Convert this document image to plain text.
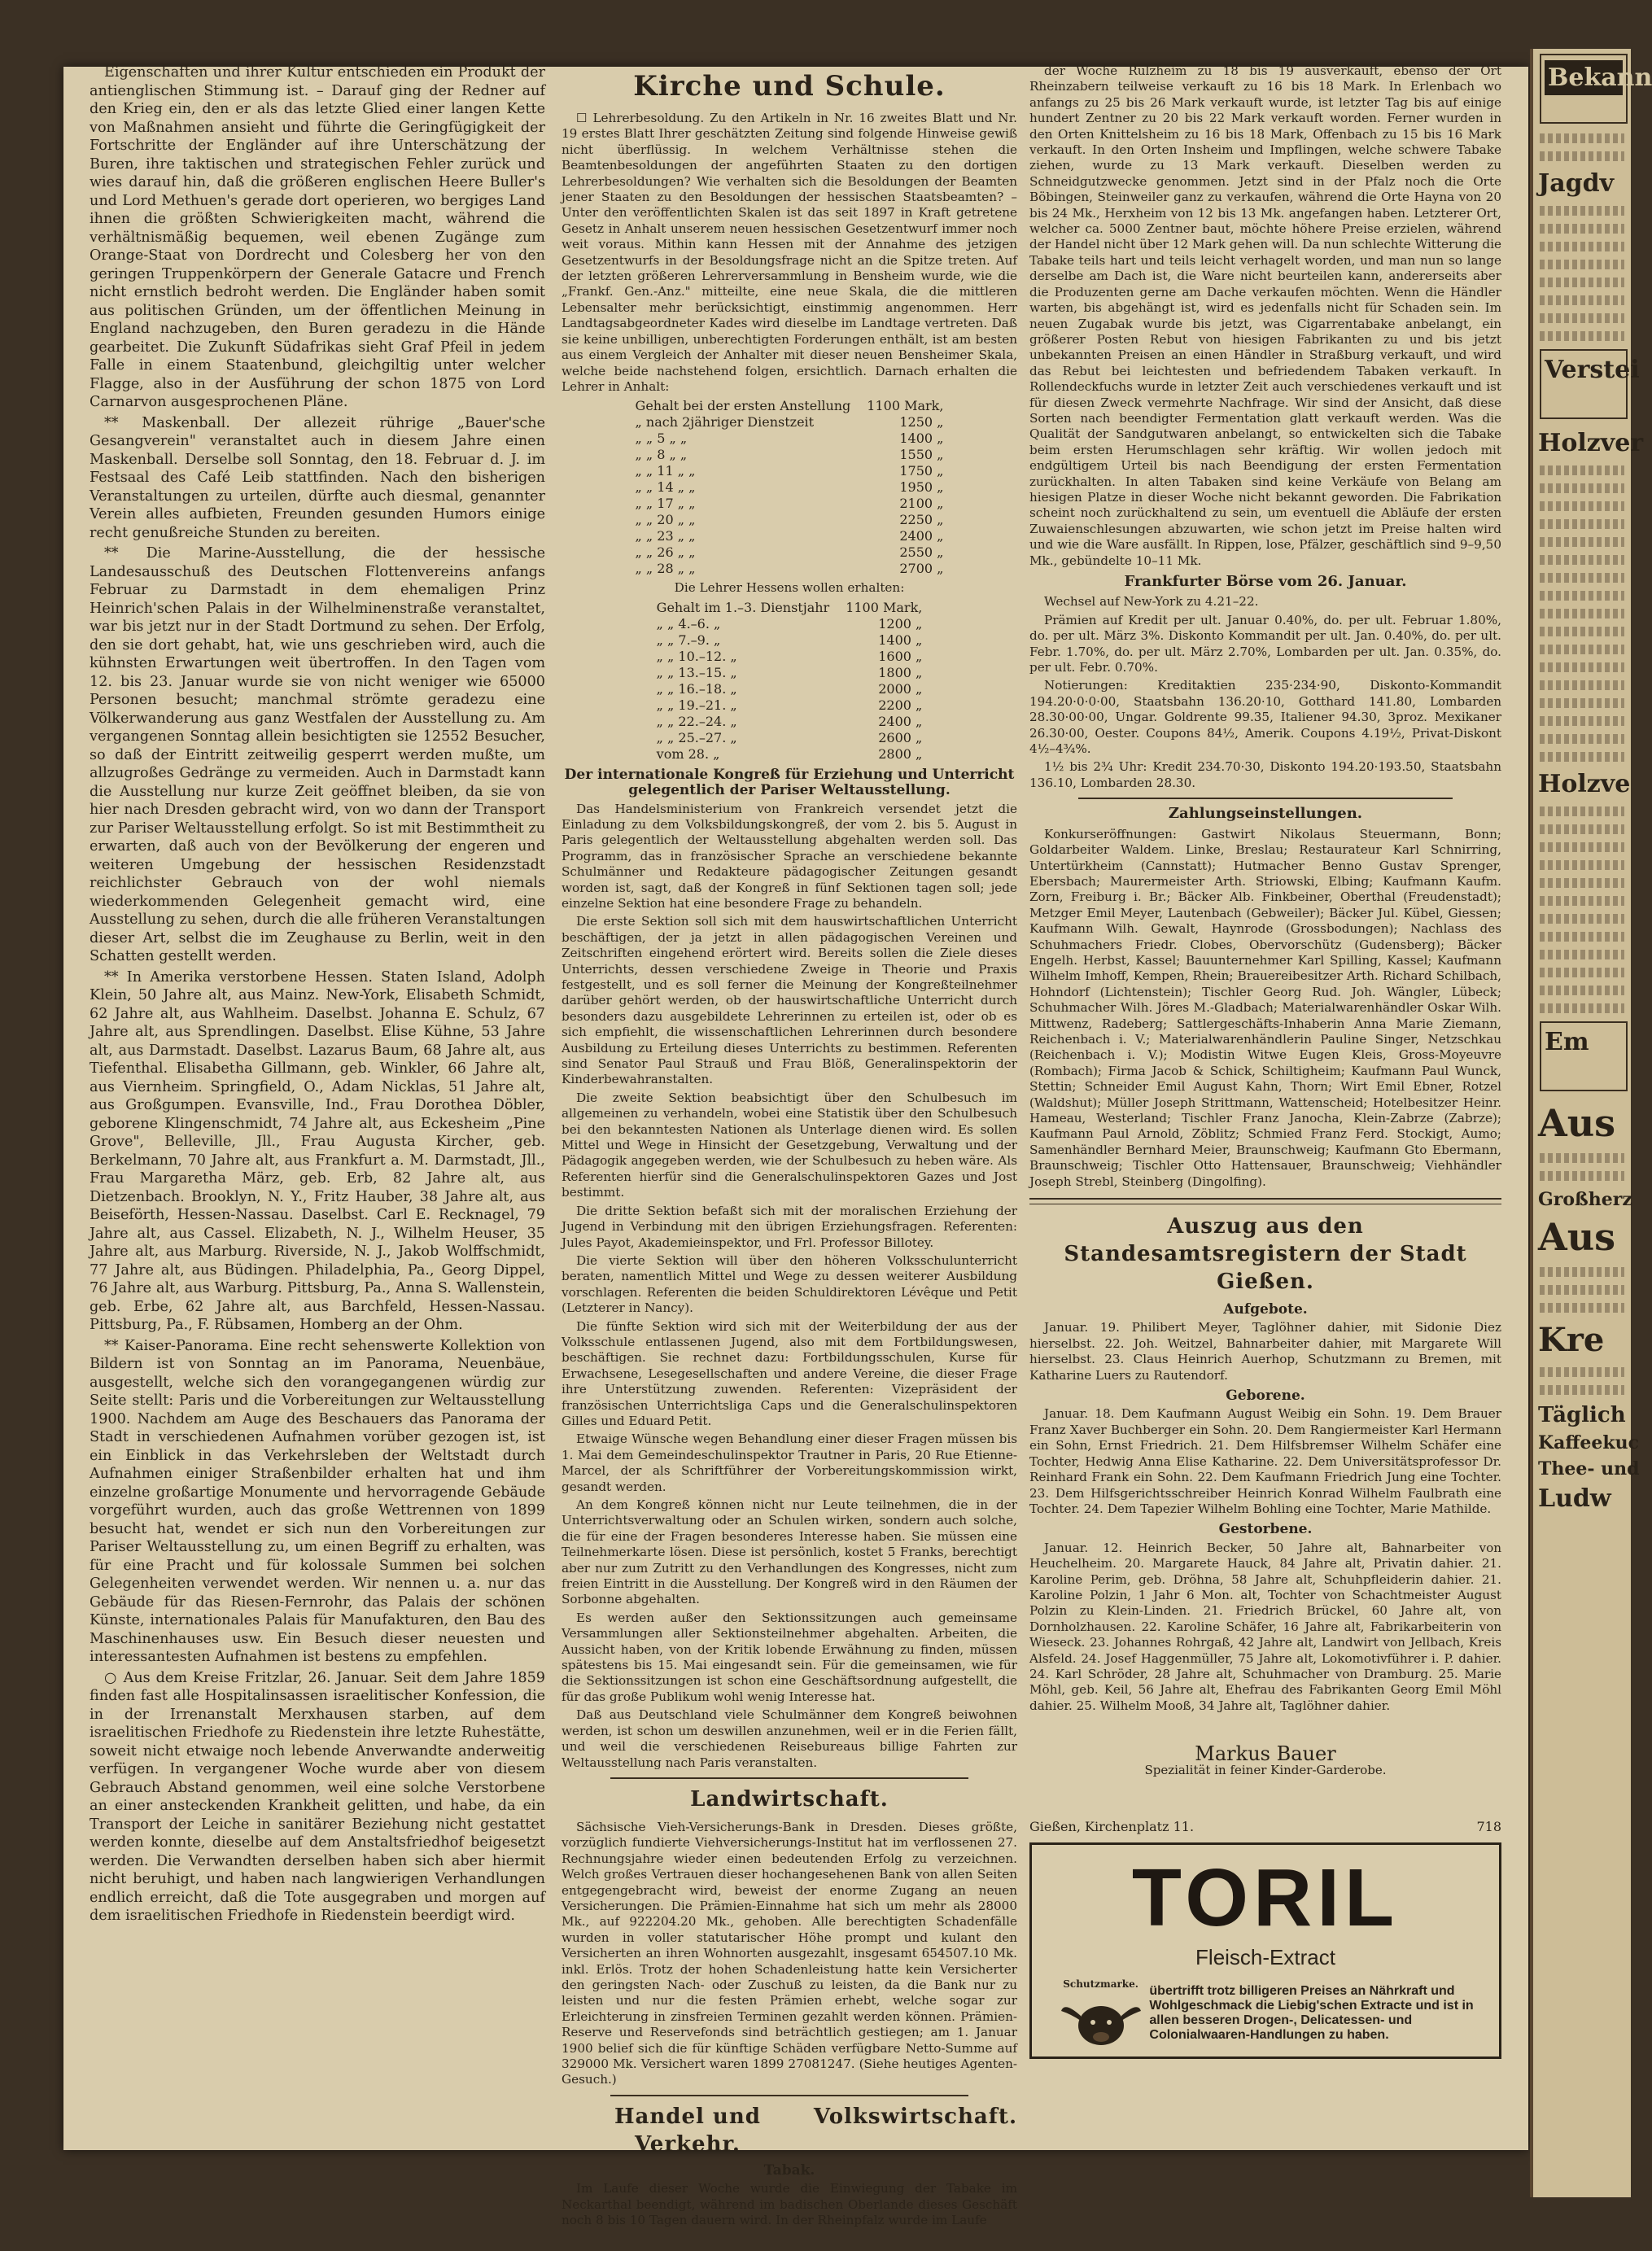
Bekann
Jagdv
Verstei
Holzver
Holzve
Em
Aus
Großherz
Aus
Kre
Täglich
Kaffeekuc
Thee- und
Ludw

Eigenschaften und ihrer Kultur entschieden ein Produkt der antienglischen Stimmung ist. – Darauf ging der Redner auf den Krieg ein, den er als das letzte Glied einer langen Kette von Maßnahmen ansieht und führte die Geringfügigkeit der Fortschritte der Engländer auf ihre Unterschätzung der Buren, ihre taktischen und strategischen Fehler zurück und wies darauf hin, daß die größeren englischen Heere Buller's und Lord Methuen's gerade dort operieren, wo bergiges Land ihnen die größten Schwierigkeiten macht, während die verhältnismäßig bequemen, weil ebenen Zugänge zum Orange-Staat von Dordrecht und Colesberg her von den geringen Truppenkörpern der Generale Gatacre und French nicht ernstlich bedroht werden. Die Engländer haben somit aus politischen Gründen, um der öffentlichen Meinung in England nachzugeben, den Buren geradezu in die Hände gearbeitet. Die Zukunft Südafrikas sieht Graf Pfeil in jedem Falle in einem Staatenbund, gleichgiltig unter welcher Flagge, also in der Ausführung der schon 1875 von Lord Carnarvon ausgesprochenen Pläne.

** Maskenball. Der allezeit rührige „Bauer'sche Gesangverein" veranstaltet auch in diesem Jahre einen Maskenball. Derselbe soll Sonntag, den 18. Februar d. J. im Festsaal des Café Leib stattfinden. Nach den bisherigen Veranstaltungen zu urteilen, dürfte auch diesmal, genannter Verein alles aufbieten, Freunden gesunden Humors einige recht genußreiche Stunden zu bereiten.

** Die Marine-Ausstellung, die der hessische Landesausschuß des Deutschen Flottenvereins anfangs Februar zu Darmstadt in dem ehemaligen Prinz Heinrich'schen Palais in der Wilhelminenstraße veranstaltet, war bis jetzt nur in der Stadt Dortmund zu sehen. Der Erfolg, den sie dort gehabt, hat, wie uns geschrieben wird, auch die kühnsten Erwartungen weit übertroffen. In den Tagen vom 12. bis 23. Januar wurde sie von nicht weniger wie 65000 Personen besucht; manchmal strömte geradezu eine Völkerwanderung aus ganz Westfalen der Ausstellung zu. Am vergangenen Sonntag allein besichtigten sie 12552 Besucher, so daß der Eintritt zeitweilig gesperrt werden mußte, um allzugroßes Gedränge zu vermeiden. Auch in Darmstadt kann die Ausstellung nur kurze Zeit geöffnet bleiben, da sie von hier nach Dresden gebracht wird, von wo dann der Transport zur Pariser Weltausstellung erfolgt. So ist mit Bestimmtheit zu erwarten, daß auch von der Bevölkerung der engeren und weiteren Umgebung der hessischen Residenzstadt reichlichster Gebrauch von der wohl niemals wiederkommenden Gelegenheit gemacht wird, eine Ausstellung zu sehen, durch die alle früheren Veranstaltungen dieser Art, selbst die im Zeughause zu Berlin, weit in den Schatten gestellt werden.

** In Amerika verstorbene Hessen. Staten Island, Adolph Klein, 50 Jahre alt, aus Mainz. New-York, Elisabeth Schmidt, 62 Jahre alt, aus Wahlheim. Daselbst. Johanna E. Schulz, 67 Jahre alt, aus Sprendlingen. Daselbst. Elise Kühne, 53 Jahre alt, aus Darmstadt. Daselbst. Lazarus Baum, 68 Jahre alt, aus Tiefenthal. Elisabetha Gillmann, geb. Winkler, 66 Jahre alt, aus Viernheim. Springfield, O., Adam Nicklas, 51 Jahre alt, aus Großgumpen. Evansville, Ind., Frau Dorothea Döbler, geborene Klingenschmidt, 74 Jahre alt, aus Eckesheim „Pine Grove", Belleville, Jll., Frau Augusta Kircher, geb. Berkelmann, 70 Jahre alt, aus Frankfurt a. M. Darmstadt, Jll., Frau Margaretha März, geb. Erb, 82 Jahre alt, aus Dietzenbach. Brooklyn, N. Y., Fritz Hauber, 38 Jahre alt, aus Beiseförth, Hessen-Nassau. Daselbst. Carl E. Recknagel, 79 Jahre alt, aus Cassel. Elizabeth, N. J., Wilhelm Heuser, 35 Jahre alt, aus Marburg. Riverside, N. J., Jakob Wolffschmidt, 77 Jahre alt, aus Büdingen. Philadelphia, Pa., Georg Dippel, 76 Jahre alt, aus Warburg. Pittsburg, Pa., Anna S. Wallenstein, geb. Erbe, 62 Jahre alt, aus Barchfeld, Hessen-Nassau. Pittsburg, Pa., F. Rübsamen, Homberg an der Ohm.

** Kaiser-Panorama. Eine recht sehenswerte Kollektion von Bildern ist von Sonntag an im Panorama, Neuenbäue, ausgestellt, welche sich den vorangegangenen würdig zur Seite stellt: Paris und die Vorbereitungen zur Weltausstellung 1900. Nachdem am Auge des Beschauers das Panorama der Stadt in verschiedenen Aufnahmen vorüber gezogen ist, ist ein Einblick in das Verkehrsleben der Weltstadt durch Aufnahmen einiger Straßenbilder erhalten hat und ihm einzelne großartige Monumente und hervorragende Gebäude vorgeführt wurden, auch das große Wettrennen von 1899 besucht hat, wendet er sich nun den Vorbereitungen zur Pariser Weltausstellung zu, um einen Begriff zu erhalten, was für eine Pracht und für kolossale Summen bei solchen Gelegenheiten verwendet werden. Wir nennen u. a. nur das Gebäude für das Riesen-Fernrohr, das Palais der schönen Künste, internationales Palais für Manufakturen, den Bau des Maschinenhauses usw. Ein Besuch dieser neuesten und interessantesten Aufnahmen ist bestens zu empfehlen.

○ Aus dem Kreise Fritzlar, 26. Januar. Seit dem Jahre 1859 finden fast alle Hospitalinsassen israelitischer Konfession, die in der Irrenanstalt Merxhausen starben, auf dem israelitischen Friedhofe zu Riedenstein ihre letzte Ruhestätte, soweit nicht etwaige noch lebende Anverwandte anderweitig verfügen. In vergangener Woche wurde aber von diesem Gebrauch Abstand genommen, weil eine solche Verstorbene an einer ansteckenden Krankheit gelitten, und habe, da ein Transport der Leiche in sanitärer Beziehung nicht gestattet werden konnte, dieselbe auf dem Anstaltsfriedhof beigesetzt werden. Die Verwandten derselben haben sich aber hiermit nicht beruhigt, und haben nach langwierigen Verhandlungen endlich erreicht, daß die Tote ausgegraben und morgen auf dem israelitischen Friedhofe in Riedenstein beerdigt wird.

Kirche und Schule.

☐ Lehrerbesoldung. Zu den Artikeln in Nr. 16 zweites Blatt und Nr. 19 erstes Blatt Ihrer geschätzten Zeitung sind folgende Hinweise gewiß nicht überflüssig. In welchem Verhältnisse stehen die Beamtenbesoldungen der angeführten Staaten zu den dortigen Lehrerbesoldungen? Wie verhalten sich die Besoldungen der Beamten jener Staaten zu den Besoldungen der hessischen Staatsbeamten? – Unter den veröffentlichten Skalen ist das seit 1897 in Kraft getretene Gesetz in Anhalt unserem neuen hessischen Gesetzentwurf immer noch weit voraus. Mithin kann Hessen mit der Annahme des jetzigen Gesetzentwurfs in der Besoldungsfrage nicht an die Spitze treten. Auf der letzten größeren Lehrerversammlung in Bensheim wurde, wie die „Frankf. Gen.-Anz." mitteilte, eine neue Skala, die die mittleren Lebensalter mehr berücksichtigt, einstimmig angenommen. Herr Landtagsabgeordneter Kades wird dieselbe im Landtage vertreten. Daß sie keine unbilligen, unberechtigten Forderungen enthält, ist am besten aus einem Vergleich der Anhalter mit dieser neuen Bensheimer Skala, welche beide nachstehend folgen, ersichtlich. Darnach erhalten die Lehrer in Anhalt:

Gehalt bei der ersten Anstellung	1100 Mark,
„ nach 2jähriger Dienstzeit	1250 „
„ „ 5 „ „	1400 „
„ „ 8 „ „	1550 „
„ „ 11 „ „	1750 „
„ „ 14 „ „	1950 „
„ „ 17 „ „	2100 „
„ „ 20 „ „	2250 „
„ „ 23 „ „	2400 „
„ „ 26 „ „	2550 „
„ „ 28 „ „	2700 „
Die Lehrer Hessens wollen erhalten:
Gehalt im 1.–3. Dienstjahr	1100 Mark,
„ „ 4.–6. „	1200 „
„ „ 7.–9. „	1400 „
„ „ 10.–12. „	1600 „
„ „ 13.–15. „	1800 „
„ „ 16.–18. „	2000 „
„ „ 19.–21. „	2200 „
„ „ 22.–24. „	2400 „
„ „ 25.–27. „	2600 „
vom 28. „	2800 „
Der internationale Kongreß für Erziehung und Unterricht gelegentlich der Pariser Weltausstellung.

Das Handelsministerium von Frankreich versendet jetzt die Einladung zu dem Volksbildungskongreß, der vom 2. bis 5. August in Paris gelegentlich der Weltausstellung abgehalten werden soll. Das Programm, das in französischer Sprache an verschiedene bekannte Schulmänner und Redakteure pädagogischer Zeitungen gesandt worden ist, sagt, daß der Kongreß in fünf Sektionen tagen soll; jede einzelne Sektion hat eine besondere Frage zu behandeln.

Die erste Sektion soll sich mit dem hauswirtschaftlichen Unterricht beschäftigen, der ja jetzt in allen pädagogischen Vereinen und Zeitschriften eingehend erörtert wird. Bereits sollen die Ziele dieses Unterrichts, dessen verschiedene Zweige in Theorie und Praxis festgestellt, und es soll ferner die Meinung der Kongreßteilnehmer darüber gehört werden, ob der hauswirtschaftliche Unterricht durch besonders dazu ausgebildete Lehrerinnen zu erteilen ist, oder ob es sich empfiehlt, die wissenschaftlichen Lehrerinnen durch besondere Ausbildung zu Erteilung dieses Unterrichts zu bestimmen. Referenten sind Senator Paul Strauß und Frau Blöß, Generalinspektorin der Kinderbewahranstalten.

Die zweite Sektion beabsichtigt über den Schulbesuch im allgemeinen zu verhandeln, wobei eine Statistik über den Schulbesuch bei den bekanntesten Nationen als Unterlage dienen wird. Es sollen Mittel und Wege in Hinsicht der Gesetzgebung, Verwaltung und der Pädagogik angegeben werden, wie der Schulbesuch zu heben wäre. Als Referenten hierfür sind die Generalschulinspektoren Gazes und Jost bestimmt.

Die dritte Sektion befaßt sich mit der moralischen Erziehung der Jugend in Verbindung mit den übrigen Erziehungsfragen. Referenten: Jules Payot, Akademieinspektor, und Frl. Professor Billotey.

Die vierte Sektion will über den höheren Volksschulunterricht beraten, namentlich Mittel und Wege zu dessen weiterer Ausbildung vorschlagen. Referenten die beiden Schuldirektoren Lévêque und Petit (Letzterer in Nancy).

Die fünfte Sektion wird sich mit der Weiterbildung der aus der Volksschule entlassenen Jugend, also mit dem Fortbildungswesen, beschäftigen. Sie rechnet dazu: Fortbildungsschulen, Kurse für Erwachsene, Lesegesellschaften und andere Vereine, die dieser Frage ihre Unterstützung zuwenden. Referenten: Vizepräsident der französischen Unterrichtsliga Caps und die Generalschulinspektoren Gilles und Eduard Petit.

Etwaige Wünsche wegen Behandlung einer dieser Fragen müssen bis 1. Mai dem Gemeindeschulinspektor Trautner in Paris, 20 Rue Etienne-Marcel, der als Schriftführer der Vorbereitungskommission wirkt, gesandt werden.

An dem Kongreß können nicht nur Leute teilnehmen, die in der Unterrichtsverwaltung oder an Schulen wirken, sondern auch solche, die für eine der Fragen besonderes Interesse haben. Sie müssen eine Teilnehmerkarte lösen. Diese ist persönlich, kostet 5 Franks, berechtigt aber nur zum Zutritt zu den Verhandlungen des Kongresses, nicht zum freien Eintritt in die Ausstellung. Der Kongreß wird in den Räumen der Sorbonne abgehalten.

Es werden außer den Sektionssitzungen auch gemeinsame Versammlungen aller Sektionsteilnehmer abgehalten. Arbeiten, die Aussicht haben, von der Kritik lobende Erwähnung zu finden, müssen spätestens bis 15. Mai eingesandt sein. Für die gemeinsamen, wie für die Sektionssitzungen ist schon eine Geschäftsordnung aufgestellt, die für das große Publikum wohl wenig Interesse hat.

Daß aus Deutschland viele Schulmänner dem Kongreß beiwohnen werden, ist schon um deswillen anzunehmen, weil er in die Ferien fällt, und weil die verschiedenen Reisebureaus billige Fahrten zur Weltausstellung nach Paris veranstalten.

Landwirtschaft.

Sächsische Vieh-Versicherungs-Bank in Dresden. Dieses größte, vorzüglich fundierte Viehversicherungs-Institut hat im verflossenen 27. Rechnungsjahre wieder einen bedeutenden Erfolg zu verzeichnen. Welch großes Vertrauen dieser hochangesehenen Bank von allen Seiten entgegengebracht wird, beweist der enorme Zugang an neuen Versicherungen. Die Prämien-Einnahme hat sich um mehr als 28000 Mk., auf 922204.20 Mk., gehoben. Alle berechtigten Schadenfälle wurden in voller statutarischer Höhe prompt und kulant den Versicherten an ihren Wohnorten ausgezahlt, insgesamt 654507.10 Mk. inkl. Erlös. Trotz der hohen Schadenleistung hatte kein Versicherter den geringsten Nach- oder Zuschuß zu leisten, da die Bank nur zu leisten und nur die festen Prämien erhebt, welche sogar zur Erleichterung in zinsfreien Terminen gezahlt werden können. Prämien-Reserve und Reservefonds sind beträchtlich gestiegen; am 1. Januar 1900 belief sich die für künftige Schäden verfügbare Netto-Summe auf 329000 Mk. Versichert waren 1899 27081247. (Siehe heutiges Agenten-Gesuch.)

Handel und Verkehr.
Volkswirtschaft.
Tabak.

Im Laufe dieser Woche wurde die Einwiegung der Tabake im Neckarthal beendigt, während im badischen Oberlande dieses Geschäft noch 8 bis 10 Tagen dauern wird. In der Rheinpfalz wurde im Laufe

der Woche Rülzheim zu 18 bis 19 ausverkauft, ebenso der Ort Rheinzabern teilweise verkauft zu 16 bis 18 Mark. In Erlenbach wo anfangs zu 25 bis 26 Mark verkauft wurde, ist letzter Tag bis auf einige hundert Zentner zu 20 bis 22 Mark verkauft worden. Ferner wurden in den Orten Knittelsheim zu 16 bis 18 Mark, Offenbach zu 15 bis 16 Mark verkauft. In den Orten Insheim und Impflingen, welche schwere Tabake ziehen, wurde zu 13 Mark verkauft. Dieselben werden zu Schneidgutzwecke genommen. Jetzt sind in der Pfalz noch die Orte Böbingen, Steinweiler ganz zu verkaufen, während die Orte Hayna von 20 bis 24 Mk., Herxheim von 12 bis 13 Mk. angefangen haben. Letzterer Ort, welcher ca. 5000 Zentner baut, möchte höhere Preise erzielen, während der Handel nicht über 12 Mark gehen will. Da nun schlechte Witterung die Tabake teils hart und teils leicht verhagelt worden, und man nun so lange derselbe am Dach ist, die Ware nicht beurteilen kann, andererseits aber die Produzenten gerne am Dache verkaufen möchten. Wenn die Händler warten, bis abgehängt ist, wird es jedenfalls nicht für Schaden sein. Im neuen Zugabak wurde bis jetzt, was Cigarrentabake anbelangt, ein größerer Posten Rebut von hiesigen Fabrikanten zu und bis jetzt unbekannten Preisen an einen Händler in Straßburg verkauft, und wird das Rebut bei leichtesten und befriedendem Tabaken verkauft. In Rollendeckfuchs wurde in letzter Zeit auch verschiedenes verkauft und ist für diesen Zweck vermehrte Nachfrage. Wir sind der Ansicht, daß diese Sorten nach beendigter Fermentation glatt verkauft werden. Was die Qualität der Sandgutwaren anbelangt, so entwickelten sich die Tabake beim ersten Herumschlagen sehr kräftig. Wir wollen jedoch mit endgültigem Urteil bis nach Beendigung der ersten Fermentation zurückhalten. In alten Tabaken sind keine Verkäufe von Belang am hiesigen Platze in dieser Woche nicht bekannt geworden. Die Fabrikation scheint noch zurückhaltend zu sein, um eventuell die Abläufe der ersten Zuwaienschlesungen abzuwarten, wie schon jetzt im Preise halten wird und wie die Ware ausfällt. In Rippen, lose, Pfälzer, geschäftlich sind 9–9,50 Mk., gebündelte 10–11 Mk.

Frankfurter Börse vom 26. Januar.

Wechsel auf New-York zu 4.21–22.

Prämien auf Kredit per ult. Januar 0.40%, do. per ult. Februar 1.80%, do. per ult. März 3%. Diskonto Kommandit per ult. Jan. 0.40%, do. per ult. Febr. 1.70%, do. per ult. März 2.70%, Lombarden per ult. Jan. 0.35%, do. per ult. Febr. 0.70%.

Notierungen: Kreditaktien 235·234·90, Diskonto-Kommandit 194.20·0·0·00, Staatsbahn 136.20·10, Gotthard 141.80, Lombarden 28.30·00·00, Ungar. Goldrente 99.35, Italiener 94.30, 3proz. Mexikaner 26.30·00, Oester. Coupons 84½, Amerik. Coupons 4.19½, Privat-Diskont 4½–4¾%.

1½ bis 2¾ Uhr: Kredit 234.70·30, Diskonto 194.20·193.50, Staatsbahn 136.10, Lombarden 28.30.

Zahlungseinstellungen.

Konkurseröffnungen: Gastwirt Nikolaus Steuermann, Bonn; Goldarbeiter Waldem. Linke, Breslau; Restaurateur Karl Schnirring, Untertürkheim (Cannstatt); Hutmacher Benno Gustav Sprenger, Ebersbach; Maurermeister Arth. Striowski, Elbing; Kaufmann Kaufm. Zorn, Freiburg i. Br.; Bäcker Alb. Finkbeiner, Oberthal (Freudenstadt); Metzger Emil Meyer, Lautenbach (Gebweiler); Bäcker Jul. Kübel, Giessen; Kaufmann Wilh. Gewalt, Haynrode (Grossbodungen); Nachlass des Schuhmachers Friedr. Clobes, Obervorschütz (Gudensberg); Bäcker Engelh. Herbst, Kassel; Bauunternehmer Karl Spilling, Kassel; Kaufmann Wilhelm Imhoff, Kempen, Rhein; Brauereibesitzer Arth. Richard Schilbach, Hohndorf (Lichtenstein); Tischler Georg Rud. Joh. Wängler, Lübeck; Schuhmacher Wilh. Jöres M.-Gladbach; Materialwarenhändler Oskar Wilh. Mittwenz, Radeberg; Sattlergeschäfts-Inhaberin Anna Marie Ziemann, Reichenbach i. V.; Materialwarenhändlerin Pauline Singer, Netzschkau (Reichenbach i. V.); Modistin Witwe Eugen Kleis, Gross-Moyeuvre (Rombach); Firma Jacob & Schick, Schiltigheim; Kaufmann Paul Wunck, Stettin; Schneider Emil August Kahn, Thorn; Wirt Emil Ebner, Rotzel (Waldshut); Müller Joseph Strittmann, Wattenscheid; Hotelbesitzer Heinr. Hameau, Westerland; Tischler Franz Janocha, Klein-Zabrze (Zabrze); Kaufmann Paul Arnold, Zöblitz; Schmied Franz Ferd. Stockigt, Aumo; Samenhändler Bernhard Meier, Braunschweig; Kaufmann Gto Ebermann, Braunschweig; Tischler Otto Hattensauer, Braunschweig; Viehhändler Joseph Strebl, Steinberg (Dingolfing).

Auszug aus den Standesamtsregistern der Stadt Gießen.
Aufgebote.

Januar. 19. Philibert Meyer, Taglöhner dahier, mit Sidonie Diez hierselbst. 22. Joh. Weitzel, Bahnarbeiter dahier, mit Margarete Will hierselbst. 23. Claus Heinrich Auerhop, Schutzmann zu Bremen, mit Katharine Luers zu Rautendorf.

Geborene.

Januar. 18. Dem Kaufmann August Weibig ein Sohn. 19. Dem Brauer Franz Xaver Buchberger ein Sohn. 20. Dem Rangiermeister Karl Hermann ein Sohn, Ernst Friedrich. 21. Dem Hilfsbremser Wilhelm Schäfer eine Tochter, Hedwig Anna Elise Katharine. 22. Dem Universitätsprofessor Dr. Reinhard Frank ein Sohn. 22. Dem Kaufmann Friedrich Jung eine Tochter. 23. Dem Hilfsgerichtsschreiber Heinrich Konrad Wilhelm Faulbrath eine Tochter. 24. Dem Tapezier Wilhelm Bohling eine Tochter, Marie Mathilde.

Gestorbene.

Januar. 12. Heinrich Becker, 50 Jahre alt, Bahnarbeiter von Heuchelheim. 20. Margarete Hauck, 84 Jahre alt, Privatin dahier. 21. Karoline Perim, geb. Dröhna, 58 Jahre alt, Schuhpfleiderin dahier. 21. Karoline Polzin, 1 Jahr 6 Mon. alt, Tochter von Schachtmeister August Polzin zu Klein-Linden. 21. Friedrich Brückel, 60 Jahre alt, von Dornholzhausen. 22. Karoline Schäfer, 16 Jahre alt, Fabrikarbeiterin von Wieseck. 23. Johannes Rohrgaß, 42 Jahre alt, Landwirt von Jellbach, Kreis Alsfeld. 24. Josef Haggenmüller, 75 Jahre alt, Lokomotivführer i. P. dahier. 24. Karl Schröder, 28 Jahre alt, Schuhmacher von Dramburg. 25. Marie Möhl, geb. Keil, 56 Jahre alt, Ehefrau des Fabrikanten Georg Emil Möhl dahier. 25. Wilhelm Mooß, 34 Jahre alt, Taglöhner dahier.

Markus Bauer
Spezialität in feiner Kinder-Garderobe.
Gießen, Kirchenplatz 11.	718
TORIL
Fleisch-Extract
Schutzmarke. übertrifft trotz billigeren Preises an Nährkraft und Wohlgeschmack die Liebig'schen Extracte und ist in allen besseren Drogen-, Delicatessen- und Colonialwaaren-Handlungen zu haben.
